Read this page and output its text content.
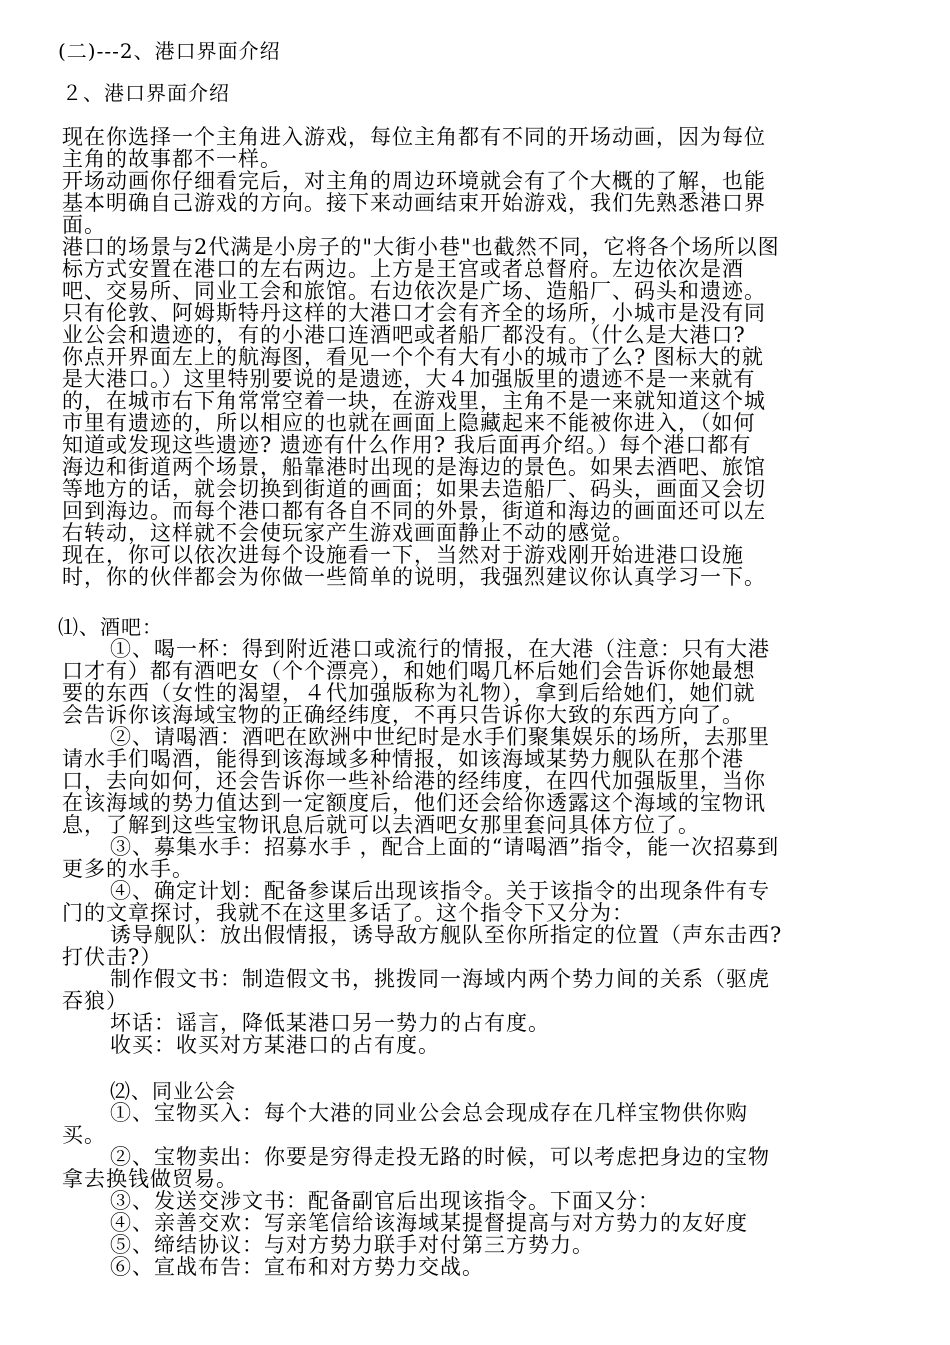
(二)---2、港口界面介绍
２、港口界面介绍
现在你选择一个主角进入游戏，每位主角都有不同的开场动画，因为每位
主角的故事都不一样。
开场动画你仔细看完后，对主角的周边环境就会有了个大概的了解，也能
基本明确自己游戏的方向。接下来动画结束开始游戏，我们先熟悉港口界
面。
港口的场景与2代满是小房子的"大街小巷"也截然不同，它将各个场所以图
标方式安置在港口的左右两边。上方是王宫或者总督府。左边依次是酒
吧、交易所、同业工会和旅馆。右边依次是广场、造船厂、码头和遗迹。
只有伦敦、阿姆斯特丹这样的大港口才会有齐全的场所，小城市是没有同
业公会和遗迹的，有的小港口连酒吧或者船厂都没有。（什么是大港口?
你点开界面左上的航海图，看见一个个有大有小的城市了么? 图标大的就
是大港口。）这里特别要说的是遗迹，大４加强版里的遗迹不是一来就有
的，在城市右下角常常空着一块，在游戏里，主角不是一来就知道这个城
市里有遗迹的，所以相应的也就在画面上隐藏起来不能被你进入，（如何
知道或发现这些遗迹? 遗迹有什么作用? 我后面再介绍。）每个港口都有
海边和街道两个场景，船靠港时出现的是海边的景色。如果去酒吧、旅馆
等地方的话，就会切换到街道的画面；如果去造船厂、码头，画面又会切
回到海边。而每个港口都有各自不同的外景，街道和海边的画面还可以左
右转动，这样就不会使玩家产生游戏画面静止不动的感觉。
现在，你可以依次进每个设施看一下，当然对于游戏刚开始进港口设施
时，你的伙伴都会为你做一些简单的说明，我强烈建议你认真学习一下。
⑴、酒吧：
①、喝一杯：得到附近港口或流行的情报，在大港（注意：只有大港
口才有）都有酒吧女（个个漂亮），和她们喝几杯后她们会告诉你她最想
要的东西（女性的渴望，４代加强版称为礼物），拿到后给她们，她们就
会告诉你该海域宝物的正确经纬度，不再只告诉你大致的东西方向了。
②、请喝酒：酒吧在欧洲中世纪时是水手们聚集娱乐的场所，去那里
请水手们喝酒，能得到该海域多种情报，如该海域某势力舰队在那个港
口，去向如何，还会告诉你一些补给港的经纬度，在四代加强版里，当你
在该海域的势力值达到一定额度后，他们还会给你透露这个海域的宝物讯
息，了解到这些宝物讯息后就可以去酒吧女那里套问具体方位了。
③、募集水手：招募水手 ，配合上面的“请喝酒”指令，能一次招募到
更多的水手。
④、确定计划：配备参谋后出现该指令。关于该指令的出现条件有专
门的文章探讨，我就不在这里多话了。这个指令下又分为：
诱导舰队：放出假情报，诱导敌方舰队至你所指定的位置（声东击西?
打伏击?）
制作假文书：制造假文书，挑拨同一海域内两个势力间的关系（驱虎
吞狼）
坏话：谣言，降低某港口另一势力的占有度。
收买：收买对方某港口的占有度。
⑵、同业公会
①、宝物买入：每个大港的同业公会总会现成存在几样宝物供你购
买。
②、宝物卖出：你要是穷得走投无路的时候，可以考虑把身边的宝物
拿去换钱做贸易。
③、发送交涉文书：配备副官后出现该指令。下面又分：
④、亲善交欢：写亲笔信给该海域某提督提高与对方势力的友好度
⑤、缔结协议：与对方势力联手对付第三方势力。
⑥、宣战布告：宣布和对方势力交战。
